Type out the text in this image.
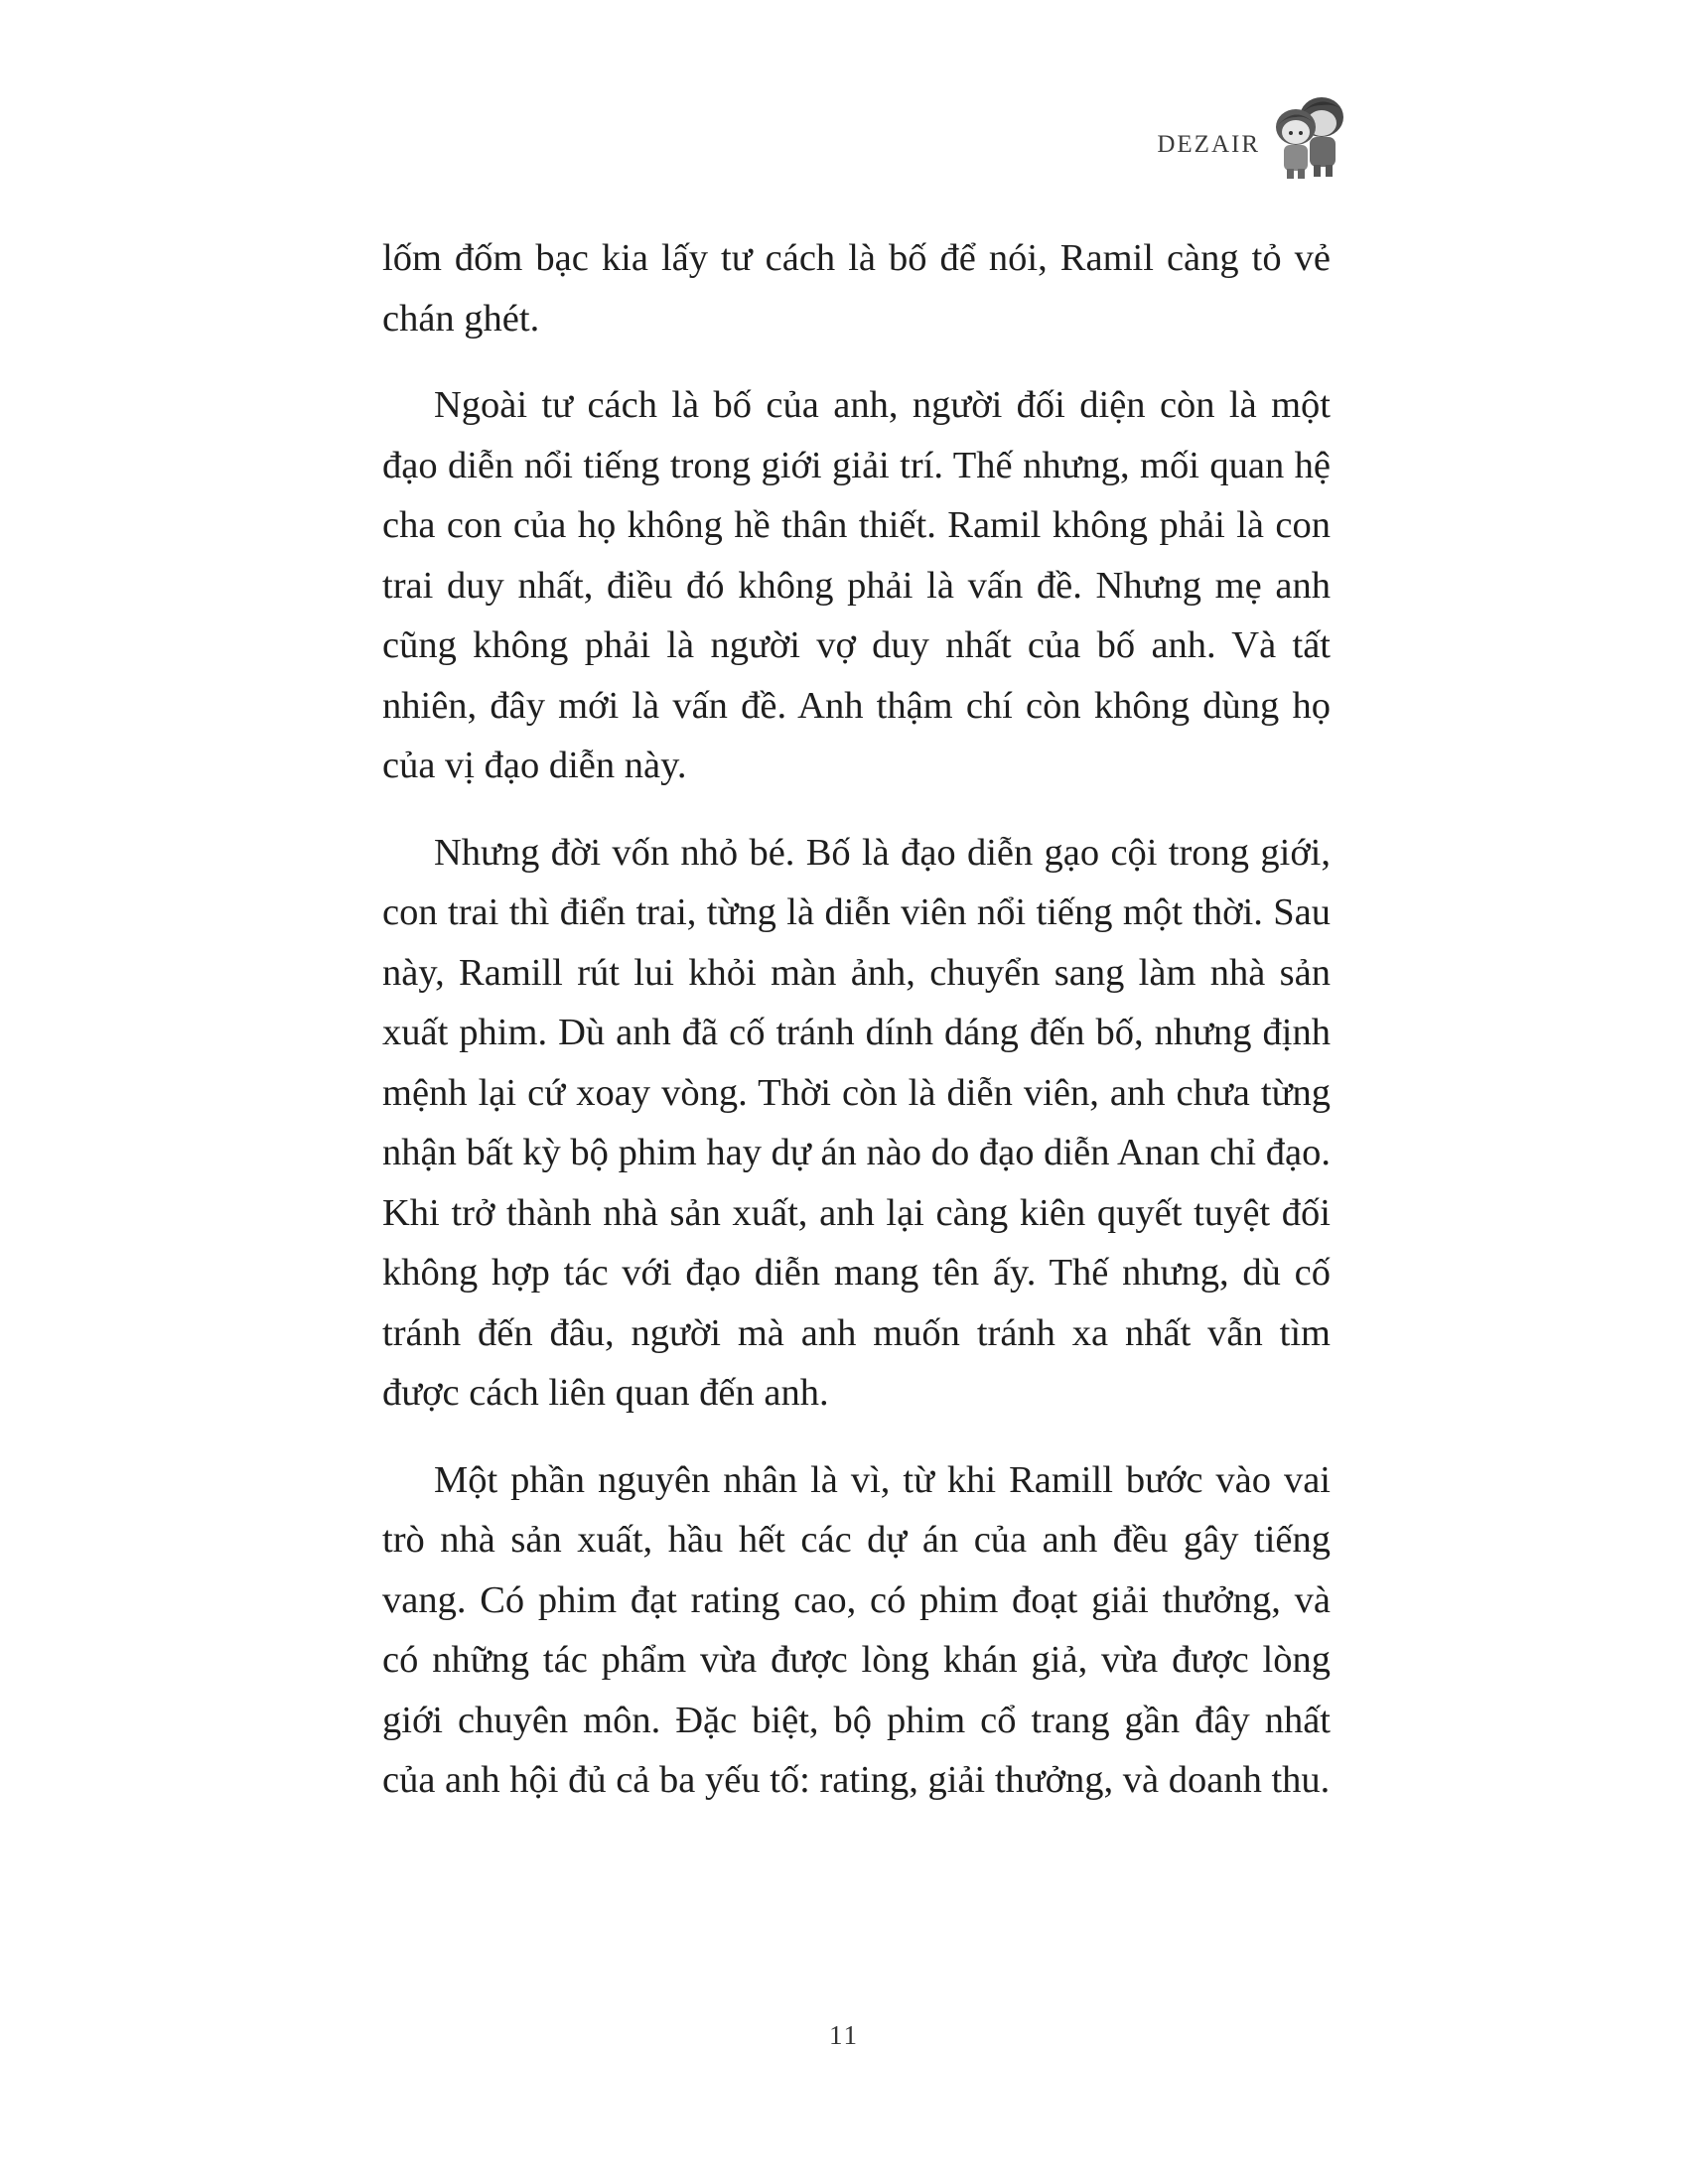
DEZAIR

lốm đốm bạc kia lấy tư cách là bố để nói, Ramil càng tỏ vẻ chán ghét.

Ngoài tư cách là bố của anh, người đối diện còn là một đạo diễn nổi tiếng trong giới giải trí. Thế nhưng, mối quan hệ cha con của họ không hề thân thiết. Ramil không phải là con trai duy nhất, điều đó không phải là vấn đề. Nhưng mẹ anh cũng không phải là người vợ duy nhất của bố anh. Và tất nhiên, đây mới là vấn đề. Anh thậm chí còn không dùng họ của vị đạo diễn này.

Nhưng đời vốn nhỏ bé. Bố là đạo diễn gạo cội trong giới, con trai thì điển trai, từng là diễn viên nổi tiếng một thời. Sau này, Ramill rút lui khỏi màn ảnh, chuyển sang làm nhà sản xuất phim. Dù anh đã cố tránh dính dáng đến bố, nhưng định mệnh lại cứ xoay vòng. Thời còn là diễn viên, anh chưa từng nhận bất kỳ bộ phim hay dự án nào do đạo diễn Anan chỉ đạo. Khi trở thành nhà sản xuất, anh lại càng kiên quyết tuyệt đối không hợp tác với đạo diễn mang tên ấy. Thế nhưng, dù cố tránh đến đâu, người mà anh muốn tránh xa nhất vẫn tìm được cách liên quan đến anh.

Một phần nguyên nhân là vì, từ khi Ramill bước vào vai trò nhà sản xuất, hầu hết các dự án của anh đều gây tiếng vang. Có phim đạt rating cao, có phim đoạt giải thưởng, và có những tác phẩm vừa được lòng khán giả, vừa được lòng giới chuyên môn. Đặc biệt, bộ phim cổ trang gần đây nhất của anh hội đủ cả ba yếu tố: rating, giải thưởng, và doanh thu.

11
